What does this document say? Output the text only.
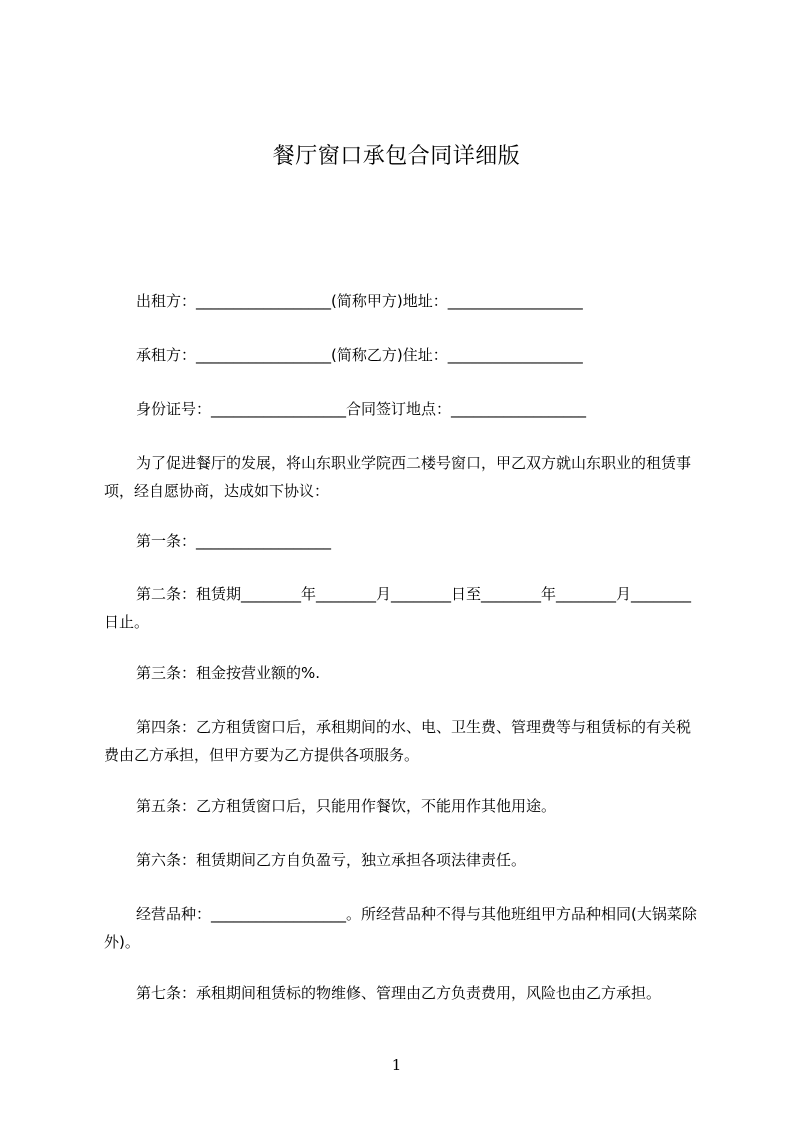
餐厅窗口承包合同详细版
出租方：__________________(简称甲方)地址：__________________
承租方：__________________(简称乙方)住址：__________________
身份证号：__________________合同签订地点：__________________
为了促进餐厅的发展，将山东职业学院西二楼号窗口，甲乙双方就山东职业的租赁事项，经自愿协商，达成如下协议：
第一条：__________________
第二条：租赁期________年________月________日至________年________月________日止。
第三条：租金按营业额的%.
第四条：乙方租赁窗口后，承租期间的水、电、卫生费、管理费等与租赁标的有关税费由乙方承担，但甲方要为乙方提供各项服务。
第五条：乙方租赁窗口后，只能用作餐饮，不能用作其他用途。
第六条：租赁期间乙方自负盈亏，独立承担各项法律责任。
经营品种：__________________。所经营品种不得与其他班组甲方品种相同(大锅菜除外)。
第七条：承租期间租赁标的物维修、管理由乙方负责费用，风险也由乙方承担。
1
